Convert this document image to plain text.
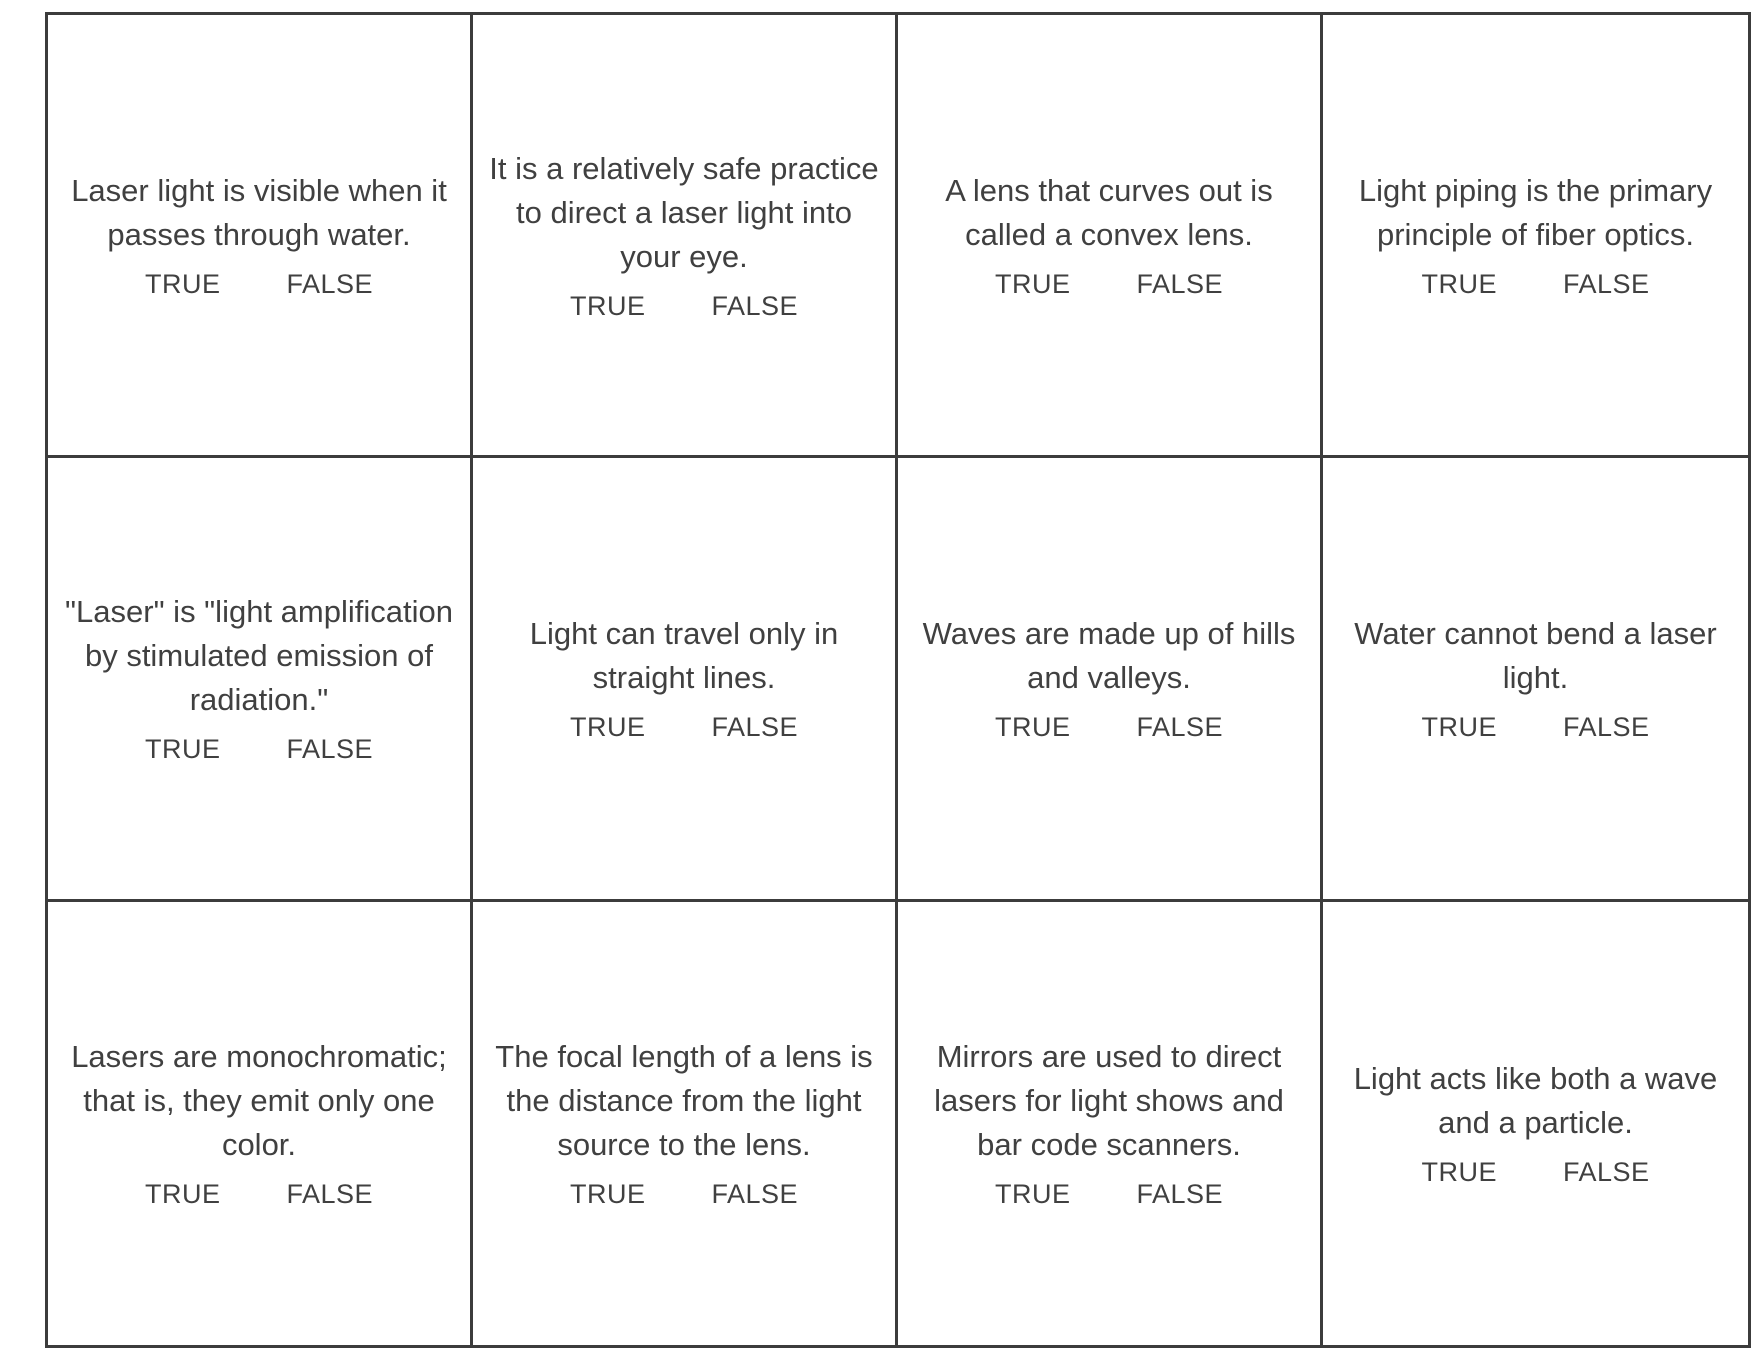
Laser light is visible when it passes through water.

TRUE FALSE

It is a relatively safe practice to direct a laser light into your eye.

TRUE FALSE

A lens that curves out is called a convex lens.

TRUE FALSE

Light piping is the primary principle of fiber optics.

TRUE FALSE

"Laser" is "light amplification by stimulated emission of radiation."

TRUE FALSE

Light can travel only in straight lines.

TRUE FALSE

Waves are made up of hills and valleys.

TRUE FALSE

Water cannot bend a laser light.

TRUE FALSE

Lasers are monochromatic; that is, they emit only one color.

TRUE FALSE

The focal length of a lens is the distance from the light source to the lens.

TRUE FALSE

Mirrors are used to direct lasers for light shows and bar code scanners.

TRUE FALSE

Light acts like both a wave and a particle.

TRUE FALSE
